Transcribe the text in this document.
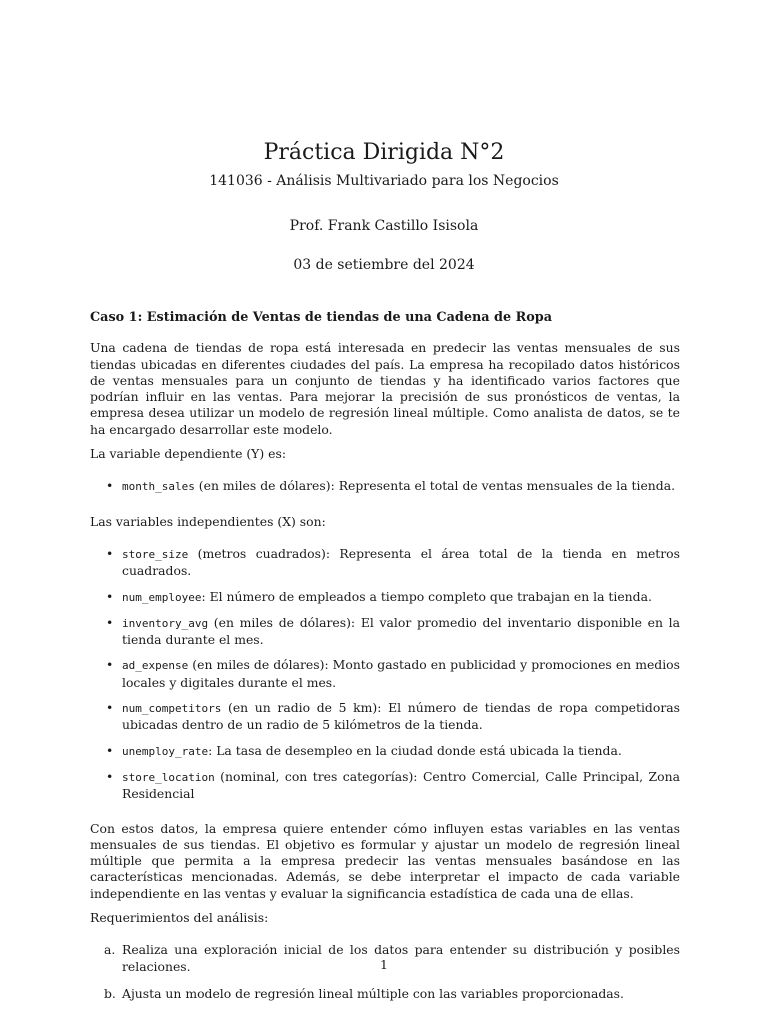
Práctica Dirigida N°2
141036 - Análisis Multivariado para los Negocios
Prof. Frank Castillo Isisola
03 de setiembre del 2024
Caso 1: Estimación de Ventas de tiendas de una Cadena de Ropa

Una cadena de tiendas de ropa está interesada en predecir las ventas mensuales de sus tiendas ubicadas en diferentes ciudades del país. La empresa ha recopilado datos históricos de ventas mensuales para un conjunto de tiendas y ha identificado varios factores que podrían influir en las ventas. Para mejorar la precisión de sus pronósticos de ventas, la empresa desea utilizar un modelo de regresión lineal múltiple. Como analista de datos, se te ha encargado desarrollar este modelo.

La variable dependiente (Y) es:

• month_sales (en miles de dólares): Representa el total de ventas mensuales de la tienda.

Las variables independientes (X) son:

• store_size (metros cuadrados): Representa el área total de la tienda en metros cuadrados.
• num_employee: El número de empleados a tiempo completo que trabajan en la tienda.
• inventory_avg (en miles de dólares): El valor promedio del inventario disponible en la tienda durante el mes.
• ad_expense (en miles de dólares): Monto gastado en publicidad y promociones en medios locales y digitales durante el mes.
• num_competitors (en un radio de 5 km): El número de tiendas de ropa competidoras ubicadas dentro de un radio de 5 kilómetros de la tienda.
• unemploy_rate: La tasa de desempleo en la ciudad donde está ubicada la tienda.
• store_location (nominal, con tres categorías): Centro Comercial, Calle Principal, Zona Residencial

Con estos datos, la empresa quiere entender cómo influyen estas variables en las ventas mensuales de sus tiendas. El objetivo es formular y ajustar un modelo de regresión lineal múltiple que permita a la empresa predecir las ventas mensuales basándose en las características mencionadas. Además, se debe interpretar el impacto de cada variable independiente en las ventas y evaluar la significancia estadística de cada una de ellas.

Requerimientos del análisis:

a. Realiza una exploración inicial de los datos para entender su distribución y posibles relaciones.
b. Ajusta un modelo de regresión lineal múltiple con las variables proporcionadas.
1
